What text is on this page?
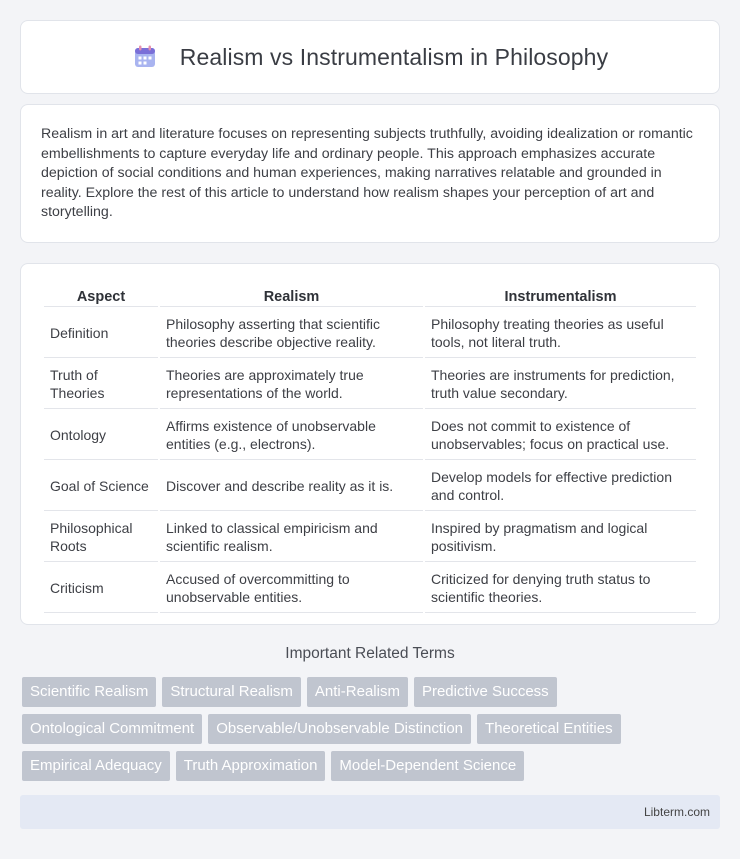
Realism vs Instrumentalism in Philosophy

Realism in art and literature focuses on representing subjects truthfully, avoiding idealization or romantic embellishments to capture everyday life and ordinary people. This approach emphasizes accurate depiction of social conditions and human experiences, making narratives relatable and grounded in reality. Explore the rest of this article to understand how realism shapes your perception of art and storytelling.

Aspect	Realism	Instrumentalism
Definition	Philosophy asserting that scientific theories describe objective reality.	Philosophy treating theories as useful tools, not literal truth.
Truth of Theories	Theories are approximately true representations of the world.	Theories are instruments for prediction, truth value secondary.
Ontology	Affirms existence of unobservable entities (e.g., electrons).	Does not commit to existence of unobservables; focus on practical use.
Goal of Science	Discover and describe reality as it is.	Develop models for effective prediction and control.
Philosophical Roots	Linked to classical empiricism and scientific realism.	Inspired by pragmatism and logical positivism.
Criticism	Accused of overcommitting to unobservable entities.	Criticized for denying truth status to scientific theories.
Important Related Terms
Scientific Realism	Structural Realism	Anti-Realism	Predictive Success
Ontological Commitment	Observable/Unobservable Distinction	Theoretical Entities
Empirical Adequacy	Truth Approximation	Model-Dependent Science
Libterm.com
